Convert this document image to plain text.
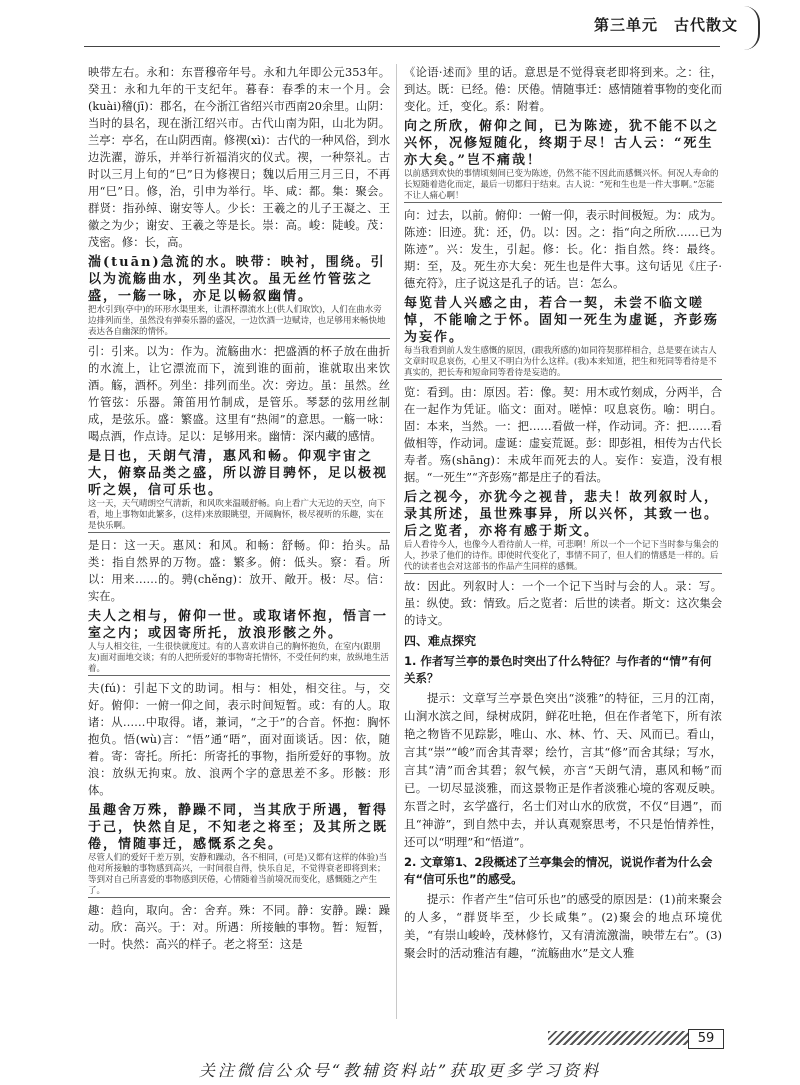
第三单元　古代散文

映带左右。永和：东晋穆帝年号。永和九年即公元353年。癸丑：永和九年的干支纪年。暮春：春季的末一个月。会(kuài)稽(jī)：郡名，在今浙江省绍兴市西南20余里。山阴：当时的县名，现在浙江绍兴市。古代山南为阳，山北为阴。兰亭：亭名，在山阴西南。修禊(xì)：古代的一种风俗，到水边洗濯，游乐，并举行祈福消灾的仪式。禊，一种祭礼。古时以三月上旬的“巳”日为修禊日；魏以后用三月三日，不再用“巳”日。修，治，引申为举行。毕、咸：都。集：聚会。群贤：指孙绰、谢安等人。少长：王羲之的儿子王凝之、王徽之为少；谢安、王羲之等是长。崇：高。峻：陡峻。茂：茂密。修：长，高。

湍(tuān)急流的水。映带：映衬，围绕。引以为流觞曲水，列坐其次。虽无丝竹管弦之盛，一觞一咏，亦足以畅叙幽情。
把水引到(亭中)的环形水渠里来，让酒杯漂流水上(供人们取饮)，人们在曲水旁边排列而坐，虽然没有弹奏乐器的盛况，一边饮酒一边赋诗，也足够用来畅快地表达各自幽深的情怀。

引：引来。以为：作为。流觞曲水：把盛酒的杯子放在曲折的水流上，让它漂流而下，流到谁的面前，谁就取出来饮酒。觞，酒杯。列坐：排列而坐。次：旁边。虽：虽然。丝竹管弦：乐器。箫笛用竹制成，是管乐。琴瑟的弦用丝制成，是弦乐。盛：繁盛。这里有“热闹”的意思。一觞一咏：喝点酒，作点诗。足以：足够用来。幽情：深内藏的感情。

是日也，天朗气清，惠风和畅。仰观宇宙之大，俯察品类之盛，所以游目骋怀，足以极视听之娱，信可乐也。
这一天，天气晴朗空气清新，和风吹来温暖舒畅。向上看广大无边的天空，向下看，地上事物如此繁多，(这样)来放眼眺望，开阔胸怀，极尽视听的乐趣，实在是快乐啊。

是日：这一天。惠风：和风。和畅：舒畅。仰：抬头。品类：指自然界的万物。盛：繁多。俯：低头。察：看。所以：用来……的。骋(chěng)：放开、敞开。极：尽。信：实在。

夫人之相与，俯仰一世。或取诸怀抱，悟言一室之内；或因寄所托，放浪形骸之外。
人与人相交往，一生很快就度过。有的人喜欢讲自己的胸怀抱负，在室内(跟朋友)面对面地交谈；有的人把所爱好的事物寄托情怀，不受任何约束，放纵地生活着。

夫(fú)：引起下文的助词。相与：相处，相交往。与，交好。俯仰：一俯一仰之间，表示时间短暂。或：有的人。取诸：从……中取得。诸，兼词，“之于”的合音。怀抱：胸怀抱负。悟(wù)言：“悟”通“晤”，面对面谈话。因：依，随着。寄：寄托。所托：所寄托的事物，指所爱好的事物。放浪：放纵无拘束。放、浪两个字的意思差不多。形骸：形体。

虽趣舍万殊，静躁不同，当其欣于所遇，暂得于己，快然自足，不知老之将至；及其所之既倦，情随事迁，感慨系之矣。
尽管人们的爱好千差万别，安静和躁动，各不相同，(可是)又都有这样的体验)当他对所接触的事物感到高兴，一时间很自得，快乐自足，不觉得衰老即将到来；等到对自己所喜爱的事物感到厌倦，心情随着当前境况而变化，感慨随之产生了。

趣：趋向，取向。舍：舍弃。殊：不同。静：安静。躁：躁动。欣：高兴。于：对。所遇：所接触的事物。暂：短暂，一时。快然：高兴的样子。老之将至：这是

《论语·述而》里的话。意思是不觉得衰老即将到来。之：往，到达。既：已经。倦：厌倦。情随事迁：感情随着事物的变化而变化。迁，变化。系：附着。

向之所欣，俯仰之间，已为陈迹，犹不能不以之兴怀，况修短随化，终期于尽！古人云：“死生亦大矣。”岂不痛哉！
以前感到欢快的事情顷刻间已变为陈迹，仍然不能不因此而感慨兴怀。何况人寿命的长短随着造化而定，最后一切都归于结束。古人说：“死和生也是一件大事啊。”怎能不让人痛心啊！

向：过去，以前。俯仰：一俯一仰，表示时间极短。为：成为。陈迹：旧迹。犹：还，仍。以：因。之：指“向之所欣……已为陈迹”。兴：发生，引起。修：长。化：指自然。终：最终。期：至，及。死生亦大矣：死生也是件大事。这句话见《庄子·德充符》，庄子说这是孔子的话。岂：怎么。

每览昔人兴感之由，若合一契，未尝不临文嗟悼，不能喻之于怀。固知一死生为虚诞，齐彭殇为妄作。
每当我看到前人发生感慨的原因，(跟我所感的)如同符契那样相合，总是要在读古人文章时叹息哀伤，心里又不明白为什么这样。(我)本来知道，把生和死同等看待是不真实的，把长寿和短命同等看待是妄造的。

览：看到。由：原因。若：像。契：用木或竹刻成，分两半，合在一起作为凭证。临文：面对。嗟悼：叹息哀伤。喻：明白。固：本来，当然。一：把……看做一样，作动词。齐：把……看做相等，作动词。虚诞：虚妄荒诞。彭：即彭祖，相传为古代长寿者。殇(shāng)：未成年而死去的人。妄作：妄造，没有根据。“一死生”“齐彭殇”都是庄子的看法。

后之视今，亦犹今之视昔，悲夫！故列叙时人，录其所述，虽世殊事异，所以兴怀，其致一也。后之览者，亦将有感于斯文。
后人看待今人，也像今人看待前人一样，可悲啊！所以一个一个记下当时参与集会的人，抄录了他们的诗作。即使时代变化了，事情不同了，但人们的情感是一样的。后代的读者也会对这部书的作品产生同样的感慨。

故：因此。列叙时人：一个一个记下当时与会的人。录：写。虽：纵使。致：情致。后之览者：后世的读者。斯文：这次集会的诗文。

四、难点探究
1. 作者写兰亭的景色时突出了什么特征？与作者的“情”有何关系？

提示：文章写兰亭景色突出“淡雅”的特征，三月的江南，山涧水滨之间，绿树成阴，鲜花吐艳，但在作者笔下，所有浓艳之物皆不见踪影，唯山、水、林、竹、天、风而已。看山，言其“崇”“峻”而舍其青翠；绘竹，言其“修”而舍其绿；写水，言其“清”而舍其碧；叙气候，亦言“天朗气清，惠风和畅”而已。一切尽显淡雅，而这景物正是作者淡雅心境的客观反映。东晋之时，玄学盛行，名士们对山水的欣赏，不仅“目遇”，而且“神游”，到自然中去，并认真观察思考，不只是怡情养性，还可以“明理”和“悟道”。

2. 文章第1、2段概述了兰亭集会的情况，说说作者为什么会有“信可乐也”的感受。

提示：作者产生“信可乐也”的感受的原因是：(1)前来聚会的人多，“群贤毕至，少长咸集”。(2)聚会的地点环境优美，“有崇山峻岭，茂林修竹，又有清流激湍，映带左右”。(3)聚会时的活动雅洁有趣，“流觞曲水”是文人雅

59
关注微信公众号“教辅资料站”获取更多学习资料
